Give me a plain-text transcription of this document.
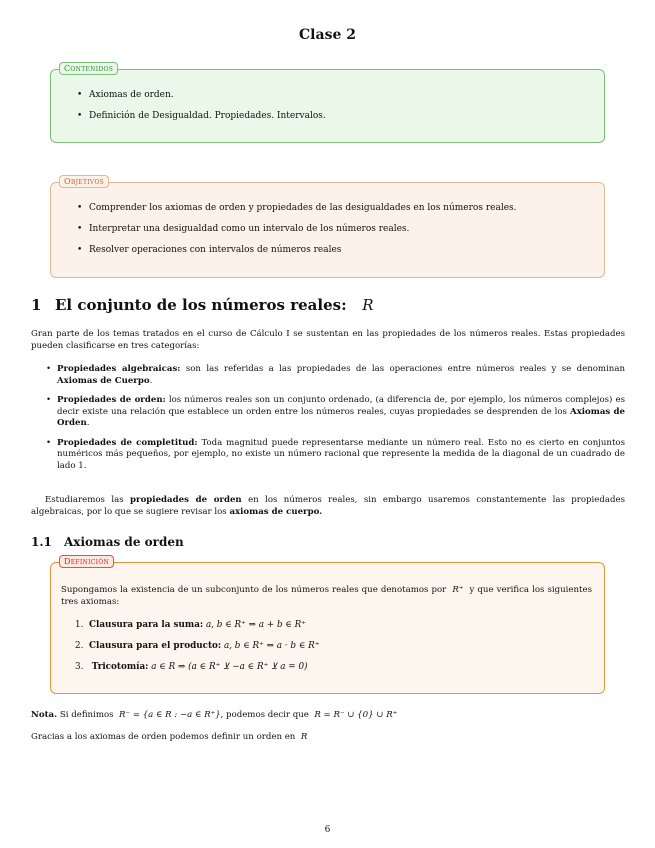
Clase 2
Contenidos
• Axiomas de orden.
• Definición de Desigualdad. Propiedades. Intervalos.
Objetivos
• Comprender los axiomas de orden y propiedades de las desigualdades en los números reales.
• Interpretar una desigualdad como un intervalo de los números reales.
• Resolver operaciones con intervalos de números reales
1 El conjunto de los números reales: R

Gran parte de los temas tratados en el curso de Cálculo I se sustentan en las propiedades de los números reales. Estas propiedades pueden clasificarse en tres categorías:

• Propiedades algebraicas: son las referidas a las propiedades de las operaciones entre números reales y se denominan Axiomas de Cuerpo.
• Propiedades de orden: los números reales son un conjunto ordenado, (a diferencia de, por ejemplo, los números complejos) es decir existe una relación que establece un orden entre los números reales, cuyas propiedades se desprenden de los Axiomas de Orden.
• Propiedades de completitud: Toda magnitud puede representarse mediante un número real. Esto no es cierto en conjuntos numéricos más pequeños, por ejemplo, no existe un número racional que represente la medida de la diagonal de un cuadrado de lado 1.

Estudiaremos las propiedades de orden en los números reales, sin embargo usaremos constantemente las propiedades algebraicas, por lo que se sugiere revisar los axiomas de cuerpo.

1.1 Axiomas de orden
Definición
Supongamos la existencia de un subconjunto de los números reales que denotamos por R⁺ y que verifica los siguientes tres axiomas:
1. Clausura para la suma: a, b ∈ R⁺ ⇒ a + b ∈ R⁺
2. Clausura para el producto: a, b ∈ R⁺ ⇒ a · b ∈ R⁺
3. Tricotomía: a ∈ R ⇒ (a ∈ R⁺ ⊻ −a ∈ R⁺ ⊻ a = 0)

Nota. Si definimos R⁻ = {a ∈ R : −a ∈ R⁺}, podemos decir que R = R⁻ ∪ {0} ∪ R⁺

Gracias a los axiomas de orden podemos definir un orden en R

6
